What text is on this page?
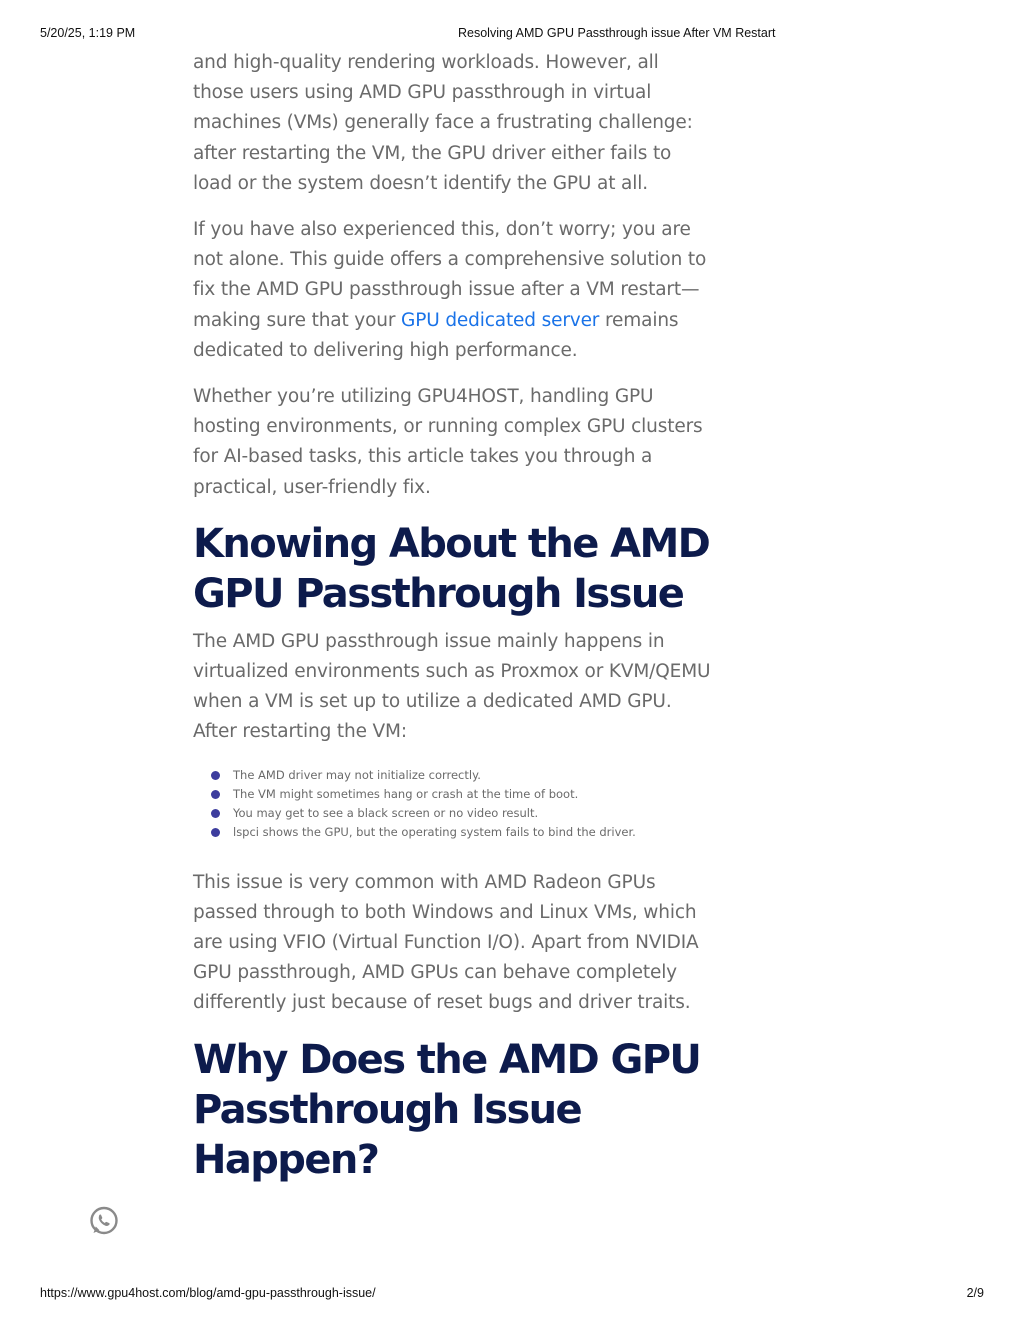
5/20/25, 1:19 PM	Resolving AMD GPU Passthrough issue After VM Restart

and high-quality rendering workloads. However, all those users using AMD GPU passthrough in virtual machines (VMs) generally face a frustrating challenge: after restarting the VM, the GPU driver either fails to load or the system doesn’t identify the GPU at all.

If you have also experienced this, don’t worry; you are not alone. This guide offers a comprehensive solution to fix the AMD GPU passthrough issue after a VM restart—making sure that your GPU dedicated server remains dedicated to delivering high performance.

Whether you’re utilizing GPU4HOST, handling GPU hosting environments, or running complex GPU clusters for AI-based tasks, this article takes you through a practical, user-friendly fix.

Knowing About the AMD GPU Passthrough Issue

The AMD GPU passthrough issue mainly happens in virtualized environments such as Proxmox or KVM/QEMU when a VM is set up to utilize a dedicated AMD GPU. After restarting the VM:

The AMD driver may not initialize correctly.
The VM might sometimes hang or crash at the time of boot.
You may get to see a black screen or no video result.
lspci shows the GPU, but the operating system fails to bind the driver.

This issue is very common with AMD Radeon GPUs passed through to both Windows and Linux VMs, which are using VFIO (Virtual Function I/O). Apart from NVIDIA GPU passthrough, AMD GPUs can behave completely differently just because of reset bugs and driver traits.

Why Does the AMD GPU Passthrough Issue Happen?
https://www.gpu4host.com/blog/amd-gpu-passthrough-issue/	2/9
